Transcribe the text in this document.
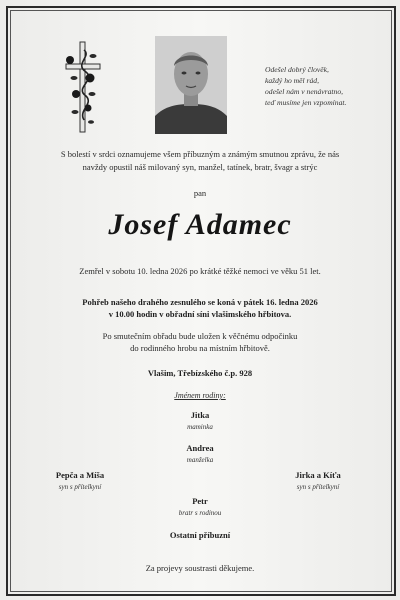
Odešel dobrý člověk,
každý ho měl rád,
odešel nám v nenávratno,
teď musíme jen vzpomínat.
S bolestí v srdci oznamujeme všem příbuzným a známým smutnou zprávu, že nás
navždy opustil náš milovaný syn, manžel, tatínek, bratr, švagr a strýc
pan
Josef Adamec
Zemřel v sobotu 10. ledna 2026 po krátké těžké nemoci ve věku 51 let.
Pohřeb našeho drahého zesnulého se koná v pátek 16. ledna 2026
v 10.00 hodin v obřadní síni vlašimského hřbitova.
Po smutečním obřadu bude uložen k věčnému odpočinku
do rodinného hrobu na místním hřbitově.
Vlašim, Třebízského č.p. 928
Jménem rodiny:
Jitka
maminka
Andrea
manželka
Pepča a Míša
syn s přítelkyní
Jirka a Kíťa
syn s přítelkyní
Petr
bratr s rodinou
Ostatní příbuzní
Za projevy soustrasti děkujeme.
